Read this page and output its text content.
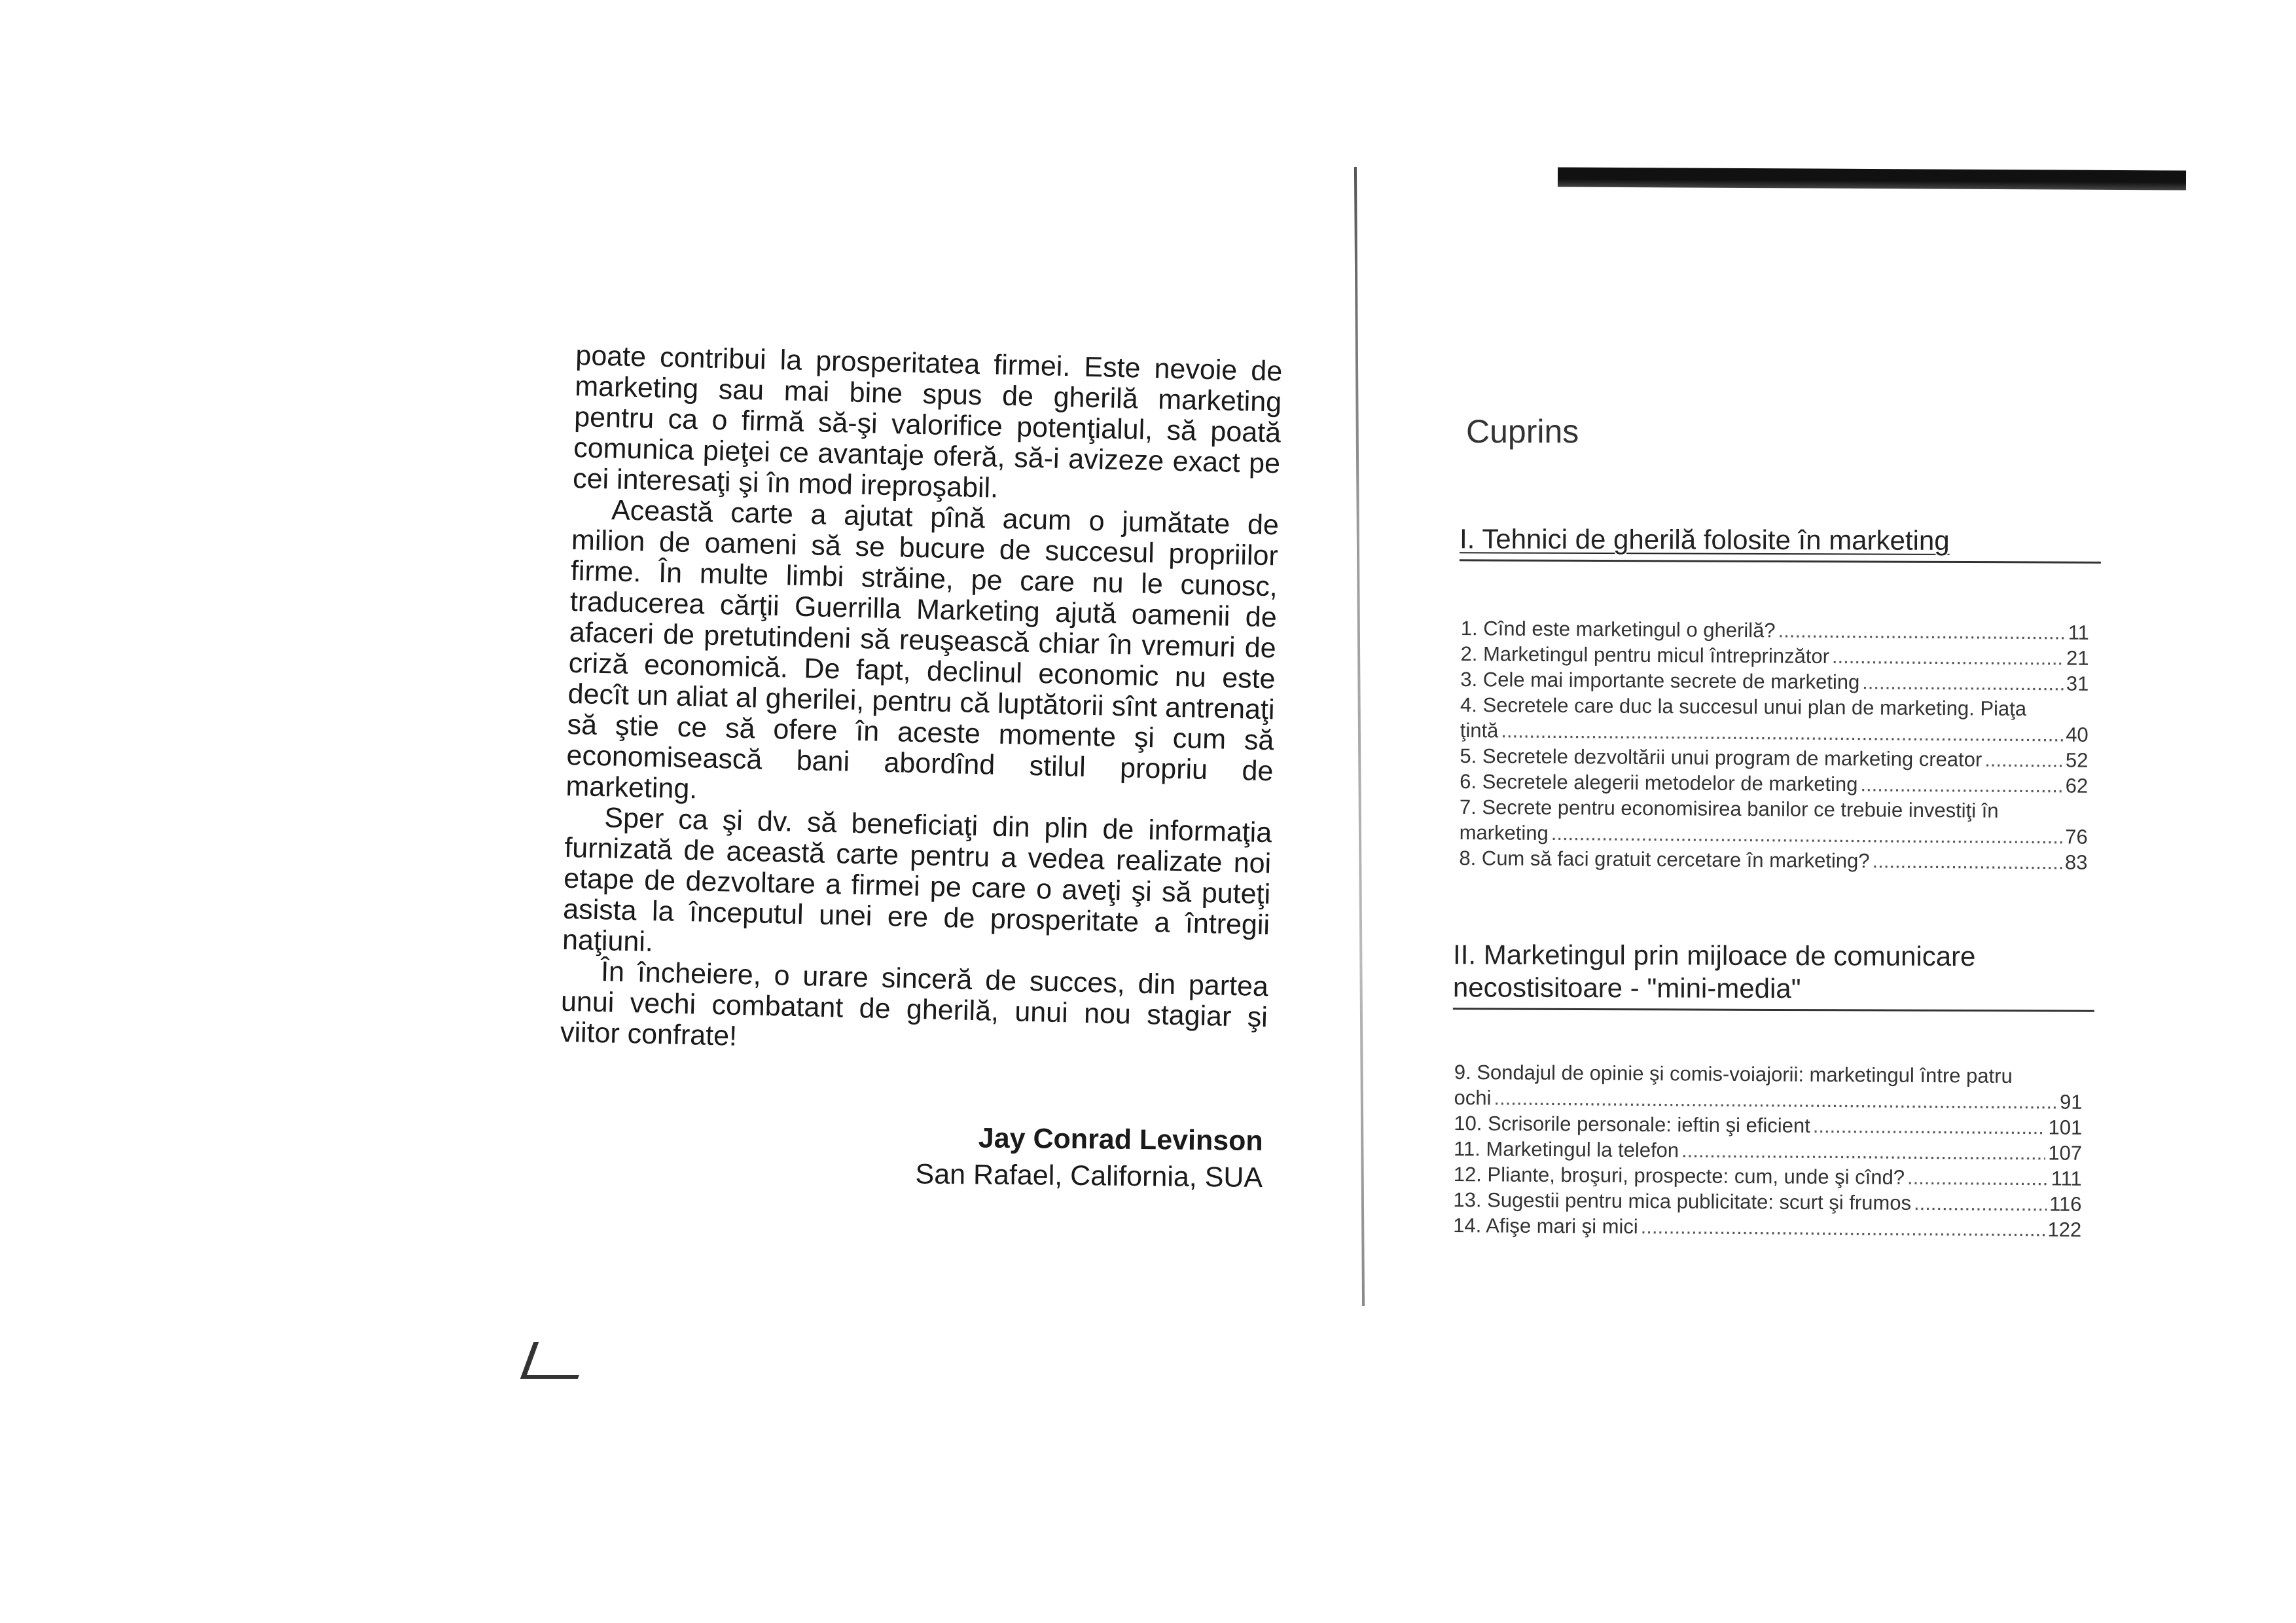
poate contribui la prosperitatea firmei. Este nevoie de marketing sau mai bine spus de gherilă marketing pentru ca o firmă să-şi valorifice potenţialul, să poată comunica pieţei ce avantaje oferă, să-i avizeze exact pe cei interesaţi şi în mod ireproşabil.

Această carte a ajutat pînă acum o jumătate de milion de oameni să se bucure de succesul propriilor firme. În multe limbi străine, pe care nu le cunosc, traducerea cărţii Guerrilla Marketing ajută oamenii de afaceri de pretutindeni să reuşească chiar în vremuri de criză economică. De fapt, declinul economic nu este decît un aliat al gherilei, pentru că luptătorii sînt antrenaţi să ştie ce să ofere în aceste momente şi cum să economisească bani abordînd stilul propriu de marketing.

Sper ca şi dv. să beneficiaţi din plin de informaţia furnizată de această carte pentru a vedea realizate noi etape de dezvoltare a firmei pe care o aveţi şi să puteţi asista la începutul unei ere de prosperitate a întregii naţiuni.

În încheiere, o urare sinceră de succes, din partea unui vechi combatant de gherilă, unui nou stagiar şi viitor confrate!

Jay Conrad Levinson
San Rafael, California, SUA
Cuprins
I. Tehnici de gherilă folosite în marketing
1. Cînd este marketingul o gherilă? .....	11
2. Marketingul pentru micul întreprinzător .....	21
3. Cele mai importante secrete de marketing .....	31
4. Secretele care duc la succesul unui plan de marketing. Piaţa
ţintă .....	40
5. Secretele dezvoltării unui program de marketing creator .....	52
6. Secretele alegerii metodelor de marketing .....	62
7. Secrete pentru economisirea banilor ce trebuie investiţi în
marketing .....	76
8. Cum să faci gratuit cercetare în marketing? .....	83
II. Marketingul prin mijloace de comunicare
necostisitoare - "mini-media"
9. Sondajul de opinie şi comis-voiajorii: marketingul între patru
ochi .....	91
10. Scrisorile personale: ieftin şi eficient .....	101
11. Marketingul la telefon .....	107
12. Pliante, broşuri, prospecte: cum, unde şi cînd? .....	111
13. Sugestii pentru mica publicitate: scurt şi frumos .....	116
14. Afişe mari şi mici .....	122
